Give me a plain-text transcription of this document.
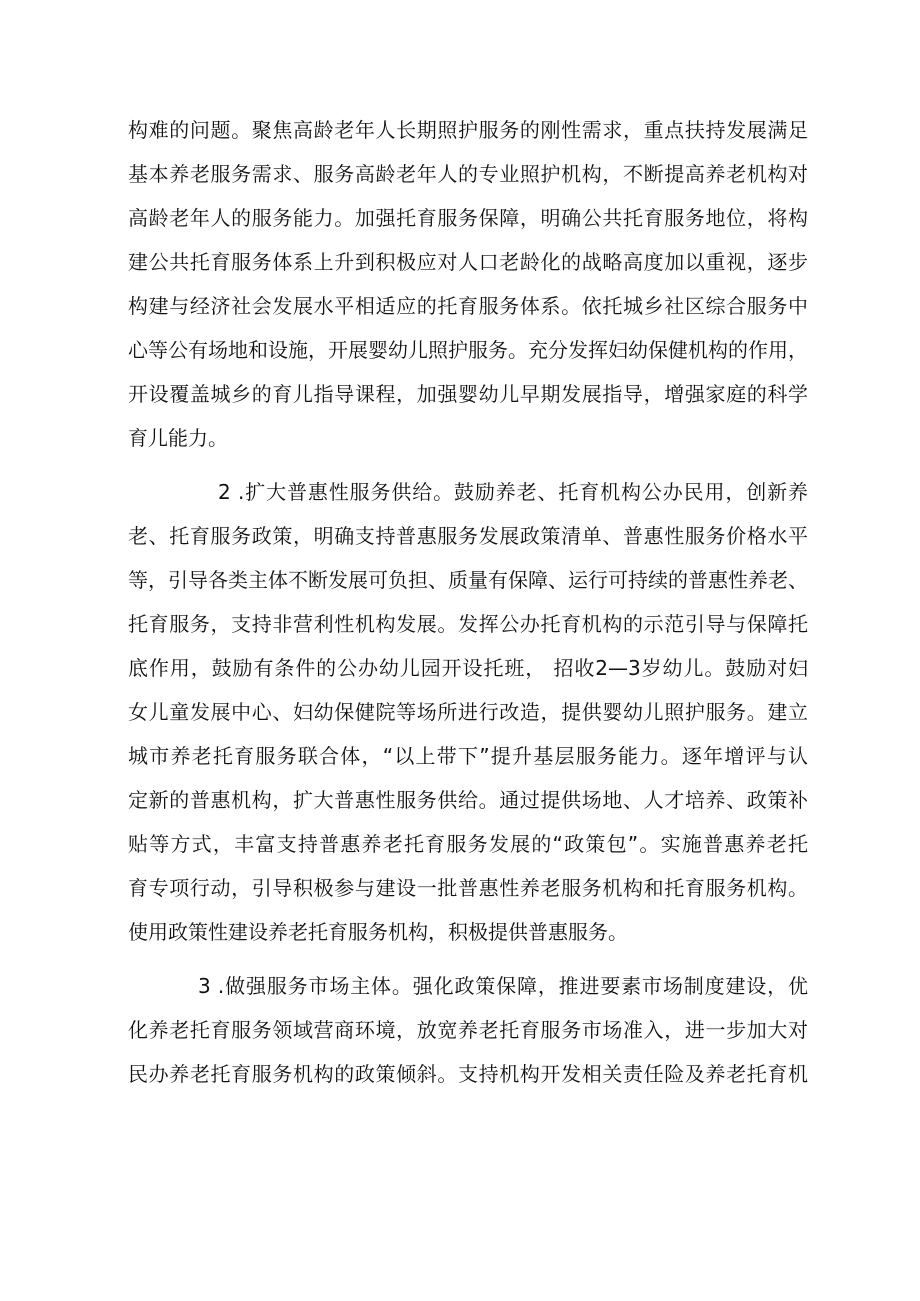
构难的问题。聚焦高龄老年人长期照护服务的刚性需求，重点扶持发展满足
基本养老服务需求、服务高龄老年人的专业照护机构，不断提高养老机构对
高龄老年人的服务能力。加强托育服务保障，明确公共托育服务地位，将构
建公共托育服务体系上升到积极应对人口老龄化的战略高度加以重视，逐步
构建与经济社会发展水平相适应的托育服务体系。依托城乡社区综合服务中
心等公有场地和设施，开展婴幼儿照护服务。充分发挥妇幼保健机构的作用，
开设覆盖城乡的育儿指导课程，加强婴幼儿早期发展指导，增强家庭的科学
育儿能力。
2 .扩大普惠性服务供给。鼓励养老、托育机构公办民用，创新养
老、托育服务政策，明确支持普惠服务发展政策清单、普惠性服务价格水平
等，引导各类主体不断发展可负担、质量有保障、运行可持续的普惠性养老、
托育服务，支持非营利性机构发展。发挥公办托育机构的示范引导与保障托
底作用，鼓励有条件的公办幼儿园开设托班， 招收2—3岁幼儿。鼓励对妇
女儿童发展中心、妇幼保健院等场所进行改造，提供婴幼儿照护服务。建立
城市养老托育服务联合体，“以上带下”提升基层服务能力。逐年增评与认
定新的普惠机构，扩大普惠性服务供给。通过提供场地、人才培养、政策补
贴等方式，丰富支持普惠养老托育服务发展的“政策包”。实施普惠养老托
育专项行动，引导积极参与建设一批普惠性养老服务机构和托育服务机构。
使用政策性建设养老托育服务机构，积极提供普惠服务。
3 .做强服务市场主体。强化政策保障，推进要素市场制度建设，优
化养老托育服务领域营商环境，放宽养老托育服务市场准入，进一步加大对
民办养老托育服务机构的政策倾斜。支持机构开发相关责任险及养老托育机
